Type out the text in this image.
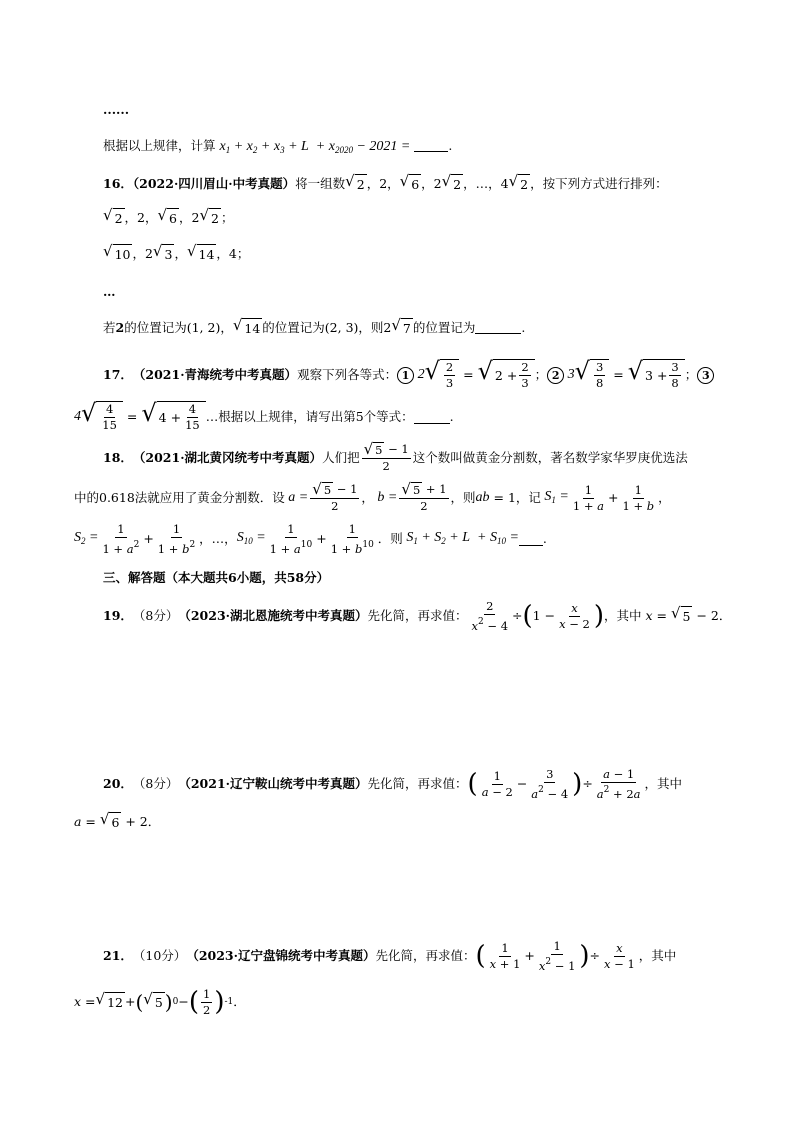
......
根据以上规律，计算 $x_1 + x_2 + x_3 + L + x_{2020} - 2021$ =	.
16．（2022·四川眉山·中考真题）将一组数 √ 2 ，2， √ 6 ，2 √ 2 ，…，4 √ 2 ，按下列方式进行排列：
√ 2 ，2， √ 6 ，2 √ 2 ；
√ 10 ，2 √ 3 ， √ 14 ，4；
…
若2的位置记为(1, 2)， √ 14 的位置记为(2, 3)，则2 √ 7 的位置记为	.
17． （2021·青海统考中考真题） 观察下列各等式： 1 2 √ $\frac{2}{3}$ = √ $2 + \frac{2}{3}$ ； 2 3 √ $\frac{3}{8}$ = √ $3 + \frac{3}{8}$ ； 3
4 √ $\frac{4}{15}$ = √ $4 + \frac{4}{15}$ …根据以上规律，请写出第5个等式：	.
18． （2021·湖北黄冈统考中考真题） 人们把 $\frac{√ 5 - 1}{2}$ 这个数叫做黄金分割数，著名数学家华罗庚优选法
中的0.618法就应用了黄金分割数．设 $a = \frac{√ 5 - 1}{2}$ ， $b = \frac{√ 5 + 1}{2}$ ，则 ab = 1，记 $S_1 = \frac{1}{1 + a} + \frac{1}{1 + b}$ ，
$S_2 = \frac{1}{1 + a^2} + \frac{1}{1 + b^2}$ ，…， $S_{10} = \frac{1}{1 + a^{10}} + \frac{1}{1 + b^{10}}$ ．则 $S_1 + S_2 + L + S_{10}$ = .
三、解答题（本大题共6小题，共58分）
19． （8分） （2023·湖北恩施统考中考真题） 先化简，再求值： $\frac{2}{x^2 - 4}$ ÷ ( $1 - \frac{x}{x - 2}$ ) ，其中 x = √ 5 − 2．
20． （8分） （2021·辽宁鞍山统考中考真题） 先化简，再求值： ( $\frac{1}{a - 2} - \frac{3}{a^2 - 4}$ ) ÷ $\frac{a - 1}{a^2 + 2a}$ ，其中
a = √ 6 + 2．
21． （10分） （2023·辽宁盘锦统考中考真题） 先化简，再求值： ( $\frac{1}{x + 1} + \frac{1}{x^2 - 1}$ ) ÷ $\frac{x}{x - 1}$ ，其中
x = √ 12 + ( √ 5 ) 0 − ( $\frac{1}{2}$ ) -1 ．
